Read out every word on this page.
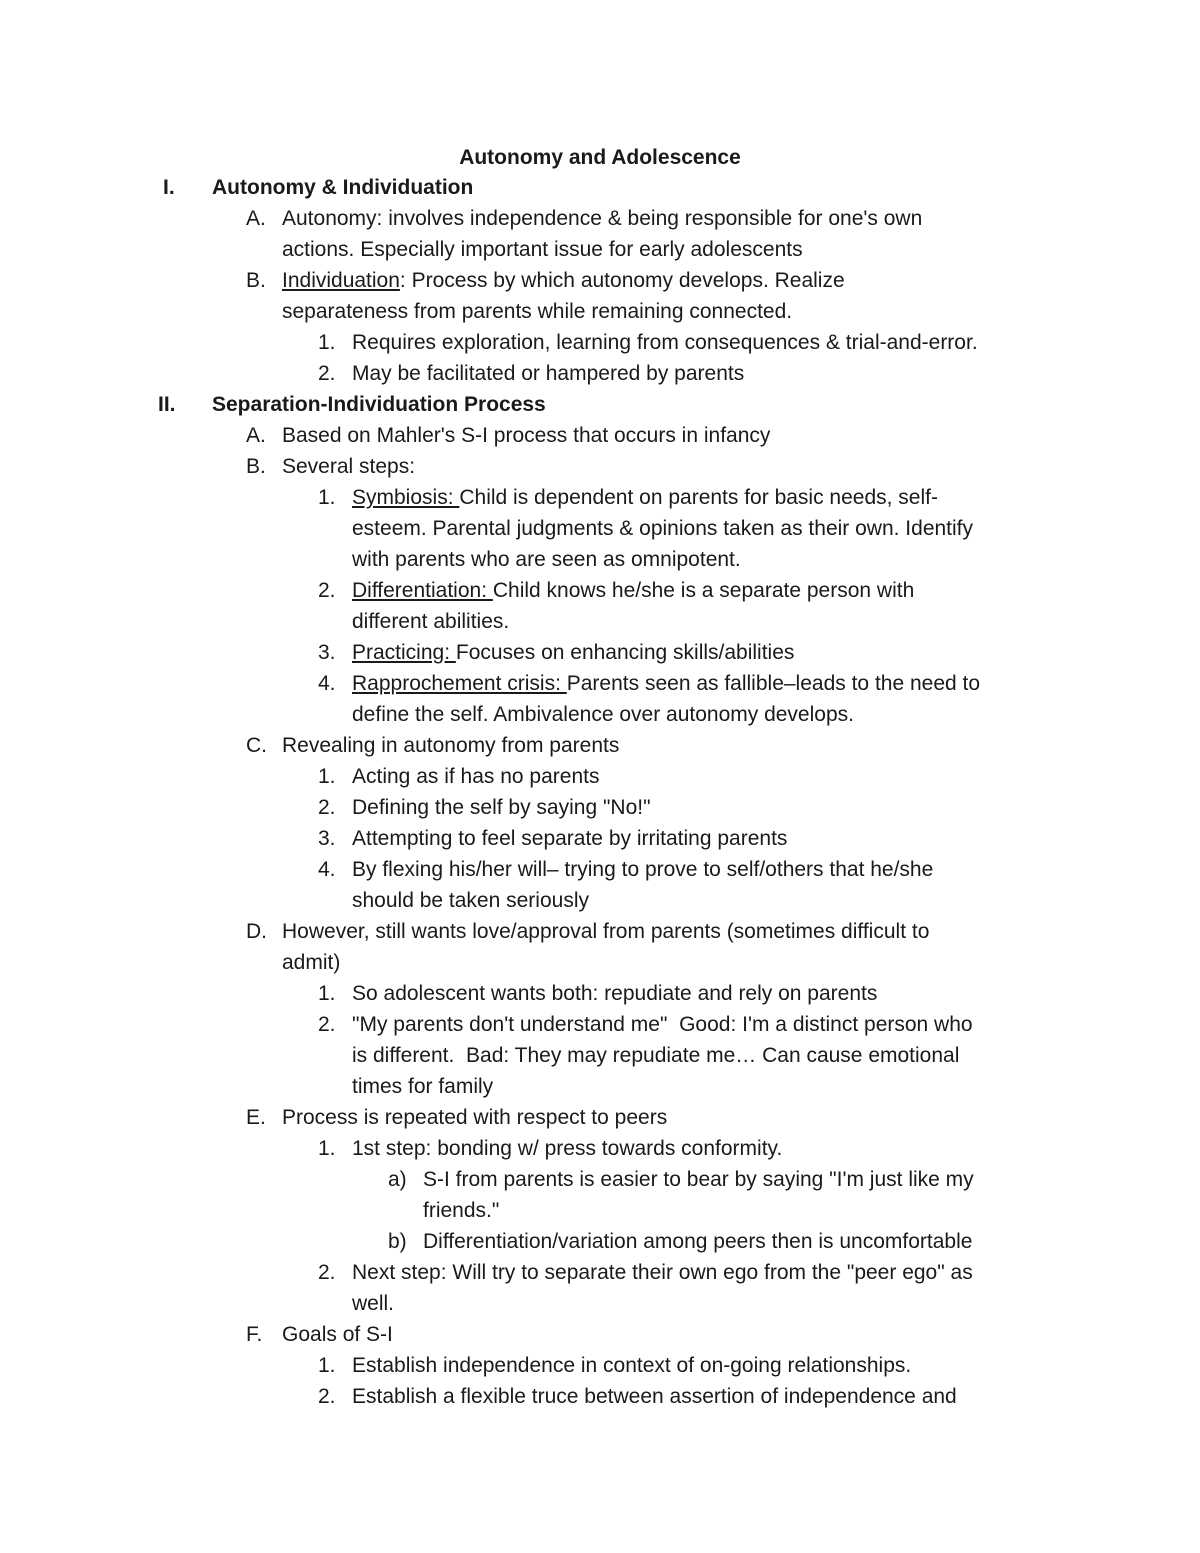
Autonomy and Adolescence
I. Autonomy & Individuation
A. Autonomy: involves independence & being responsible for one's own
actions. Especially important issue for early adolescents
B. Individuation: Process by which autonomy develops. Realize
separateness from parents while remaining connected.
1. Requires exploration, learning from consequences & trial-and-error.
2. May be facilitated or hampered by parents
II. Separation-Individuation Process
A. Based on Mahler's S-I process that occurs in infancy
B. Several steps:
1. Symbiosis: Child is dependent on parents for basic needs, self-
esteem. Parental judgments & opinions taken as their own. Identify
with parents who are seen as omnipotent.
2. Differentiation: Child knows he/she is a separate person with
different abilities.
3. Practicing: Focuses on enhancing skills/abilities
4. Rapprochement crisis: Parents seen as fallible–leads to the need to
define the self. Ambivalence over autonomy develops.
C. Revealing in autonomy from parents
1. Acting as if has no parents
2. Defining the self by saying "No!"
3. Attempting to feel separate by irritating parents
4. By flexing his/her will– trying to prove to self/others that he/she
should be taken seriously
D. However, still wants love/approval from parents (sometimes difficult to
admit)
1. So adolescent wants both: repudiate and rely on parents
2. "My parents don't understand me"  Good: I'm a distinct person who
is different.  Bad: They may repudiate me… Can cause emotional
times for family
E. Process is repeated with respect to peers
1. 1st step: bonding w/ press towards conformity.
a) S-I from parents is easier to bear by saying "I'm just like my
friends."
b) Differentiation/variation among peers then is uncomfortable
2. Next step: Will try to separate their own ego from the "peer ego" as
well.
F. Goals of S-I
1. Establish independence in context of on-going relationships.
2. Establish a flexible truce between assertion of independence and
